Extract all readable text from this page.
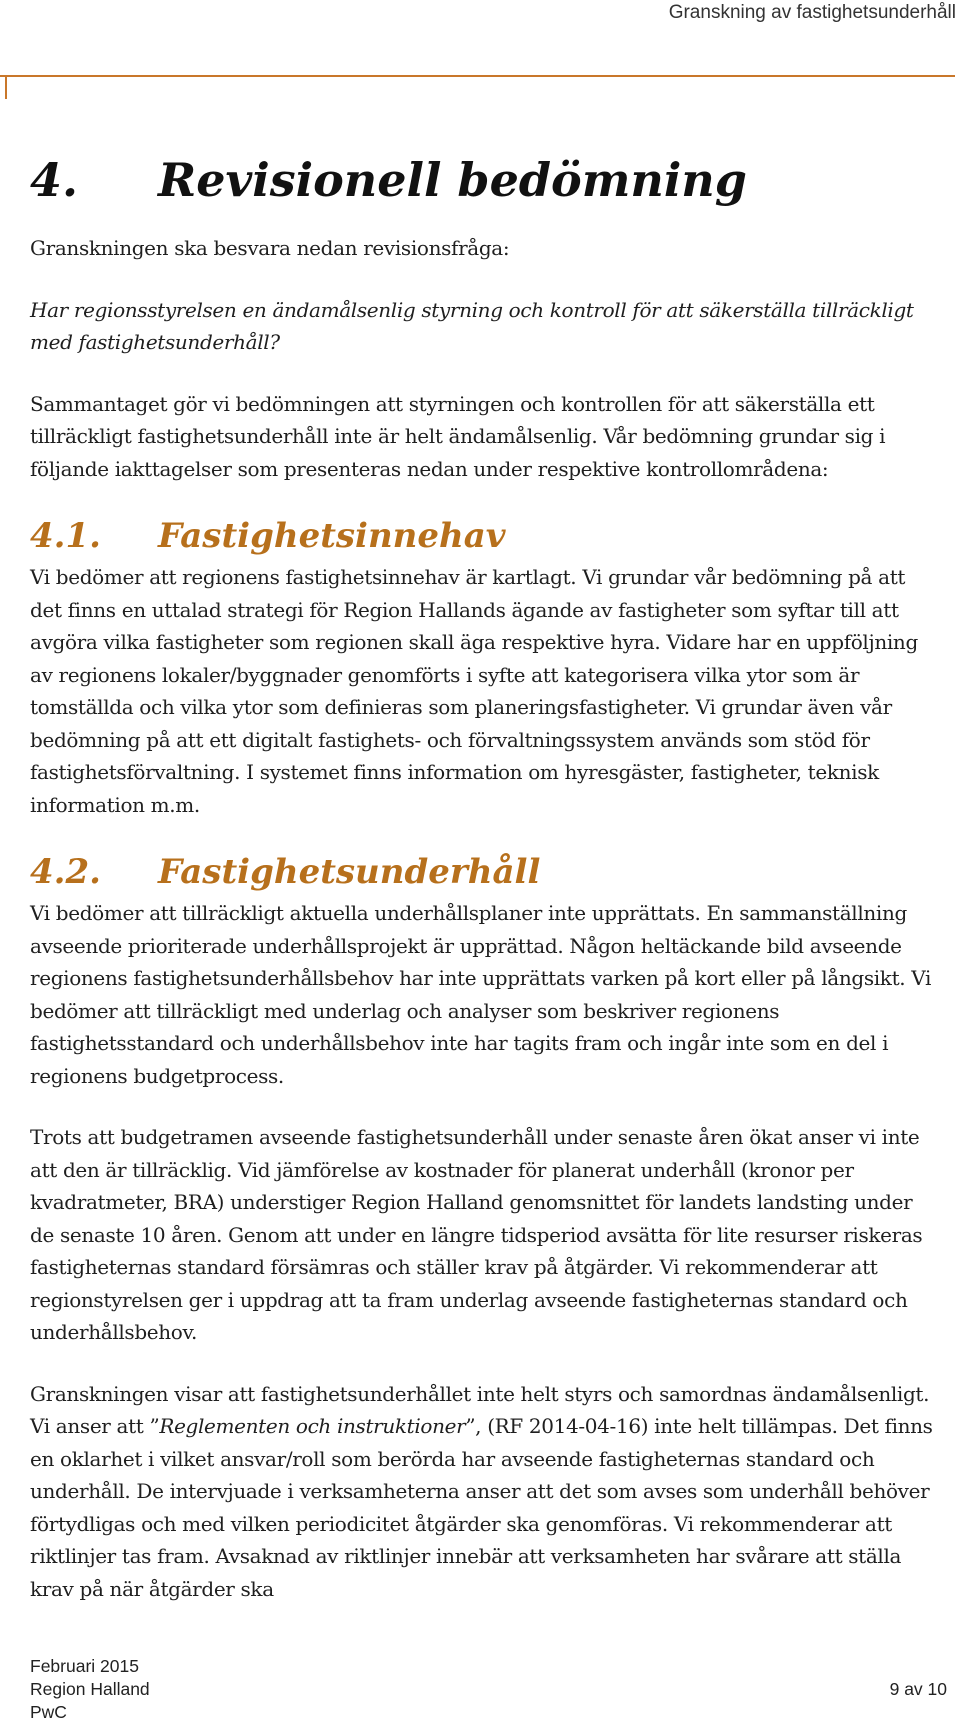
Granskning av fastighetsunderhåll
4. Revisionell bedömning

Granskningen ska besvara nedan revisionsfråga:

Har regionsstyrelsen en ändamålsenlig styrning och kontroll för att säkerställa tillräckligt med fastighetsunderhåll?

Sammantaget gör vi bedömningen att styrningen och kontrollen för att säkerställa ett tillräckligt fastighetsunderhåll inte är helt ändamålsenlig. Vår bedömning grundar sig i följande iakttagelser som presenteras nedan under respektive kontrollområdena:

4.1. Fastighetsinnehav

Vi bedömer att regionens fastighetsinnehav är kartlagt. Vi grundar vår bedömning på att det finns en uttalad strategi för Region Hallands ägande av fastigheter som syftar till att avgöra vilka fastigheter som regionen skall äga respektive hyra. Vidare har en uppföljning av regionens lokaler/byggnader genomförts i syfte att kategorisera vilka ytor som är tomställda och vilka ytor som definieras som planeringsfastigheter. Vi grundar även vår bedömning på att ett digitalt fastighets- och förvaltningssystem används som stöd för fastighetsförvaltning. I systemet finns information om hyresgäster, fastigheter, teknisk information m.m.

4.2. Fastighetsunderhåll

Vi bedömer att tillräckligt aktuella underhållsplaner inte upprättats. En sammanställning avseende prioriterade underhållsprojekt är upprättad. Någon heltäckande bild avseende regionens fastighetsunderhållsbehov har inte upprättats varken på kort eller på långsikt. Vi bedömer att tillräckligt med underlag och analyser som beskriver regionens fastighetsstandard och underhållsbehov inte har tagits fram och ingår inte som en del i regionens budgetprocess.

Trots att budgetramen avseende fastighetsunderhåll under senaste åren ökat anser vi inte att den är tillräcklig. Vid jämförelse av kostnader för planerat underhåll (kronor per kvadratmeter, BRA) understiger Region Halland genomsnittet för landets landsting under de senaste 10 åren. Genom att under en längre tidsperiod avsätta för lite resurser riskeras fastigheternas standard försämras och ställer krav på åtgärder. Vi rekommenderar att regionstyrelsen ger i uppdrag att ta fram underlag avseende fastigheternas standard och underhållsbehov.

Granskningen visar att fastighetsunderhållet inte helt styrs och samordnas ändamålsenligt. Vi anser att ”Reglementen och instruktioner”, (RF 2014-04-16) inte helt tillämpas. Det finns en oklarhet i vilket ansvar/roll som berörda har avseende fastigheternas standard och underhåll. De intervjuade i verksamheterna anser att det som avses som underhåll behöver förtydligas och med vilken periodicitet åtgärder ska genomföras. Vi rekommenderar att riktlinjer tas fram. Avsaknad av riktlinjer innebär att verksamheten har svårare att ställa krav på när åtgärder ska

Februari 2015
Region Halland
PwC
9 av 10
